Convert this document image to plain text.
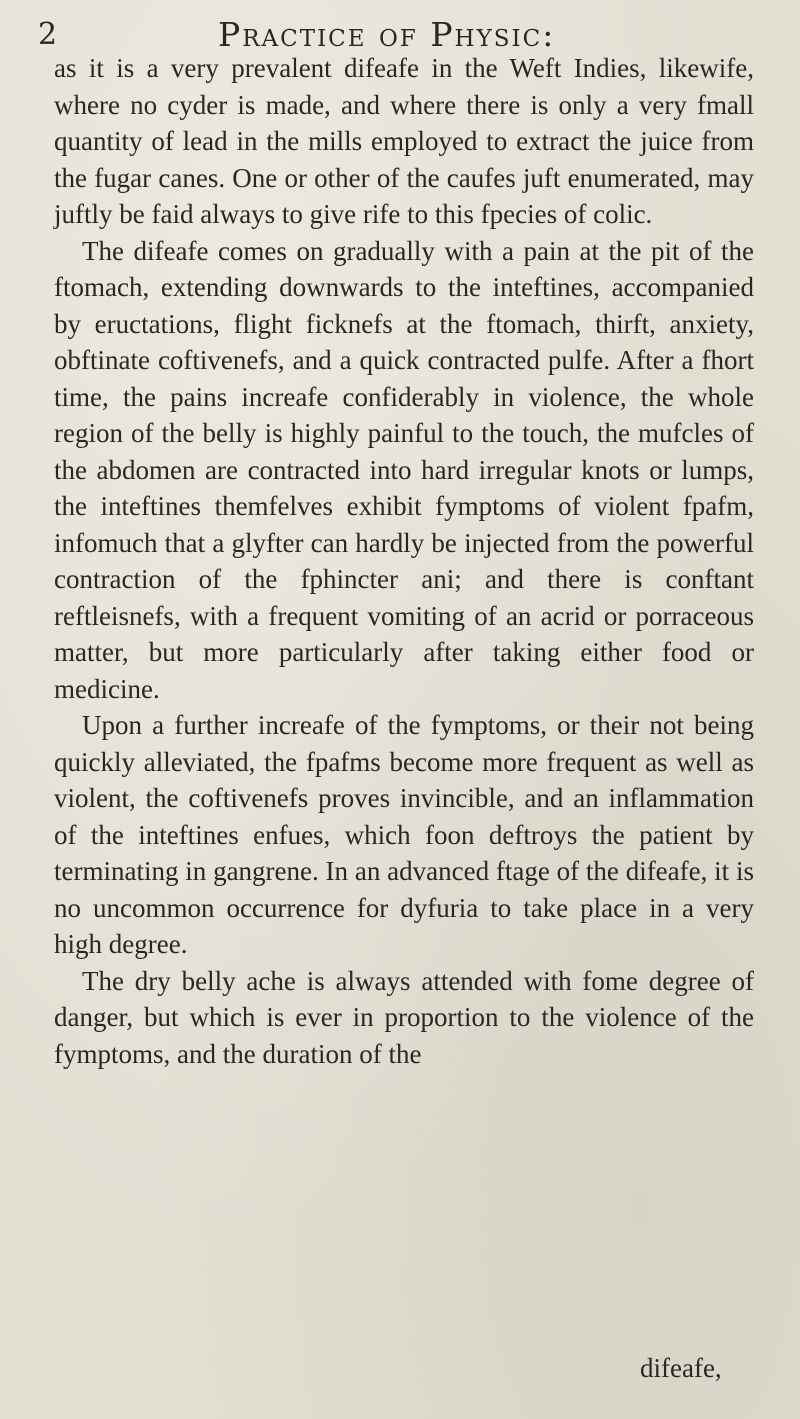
2	Practice of Physic:

as it is a very prevalent difeafe in the Weft Indies, likewife, where no cyder is made, and where there is only a very fmall quantity of lead in the mills employed to extract the juice from the fugar canes. One or other of the caufes juft enumerated, may juftly be faid always to give rife to this fpecies of colic.

The difeafe comes on gradually with a pain at the pit of the ftomach, extending downwards to the inteftines, accompanied by eructations, flight ficknefs at the ftomach, thirft, anxiety, obftinate coftivenefs, and a quick contracted pulfe. After a fhort time, the pains increafe confiderably in violence, the whole region of the belly is highly painful to the touch, the mufcles of the abdomen are contracted into hard irregular knots or lumps, the inteftines themfelves exhibit fymptoms of violent fpafm, infomuch that a glyfter can hardly be injected from the powerful contraction of the fphincter ani; and there is conftant reftleisnefs, with a frequent vomiting of an acrid or porraceous matter, but more particularly after taking either food or medicine.

Upon a further increafe of the fymptoms, or their not being quickly alleviated, the fpafms become more frequent as well as violent, the coftivenefs proves invincible, and an inflammation of the inteftines enfues, which foon deftroys the patient by terminating in gangrene. In an advanced ftage of the difeafe, it is no uncommon occurrence for dyfuria to take place in a very high degree.

The dry belly ache is always attended with fome degree of danger, but which is ever in proportion to the violence of the fymptoms, and the duration of the

difeafe,
